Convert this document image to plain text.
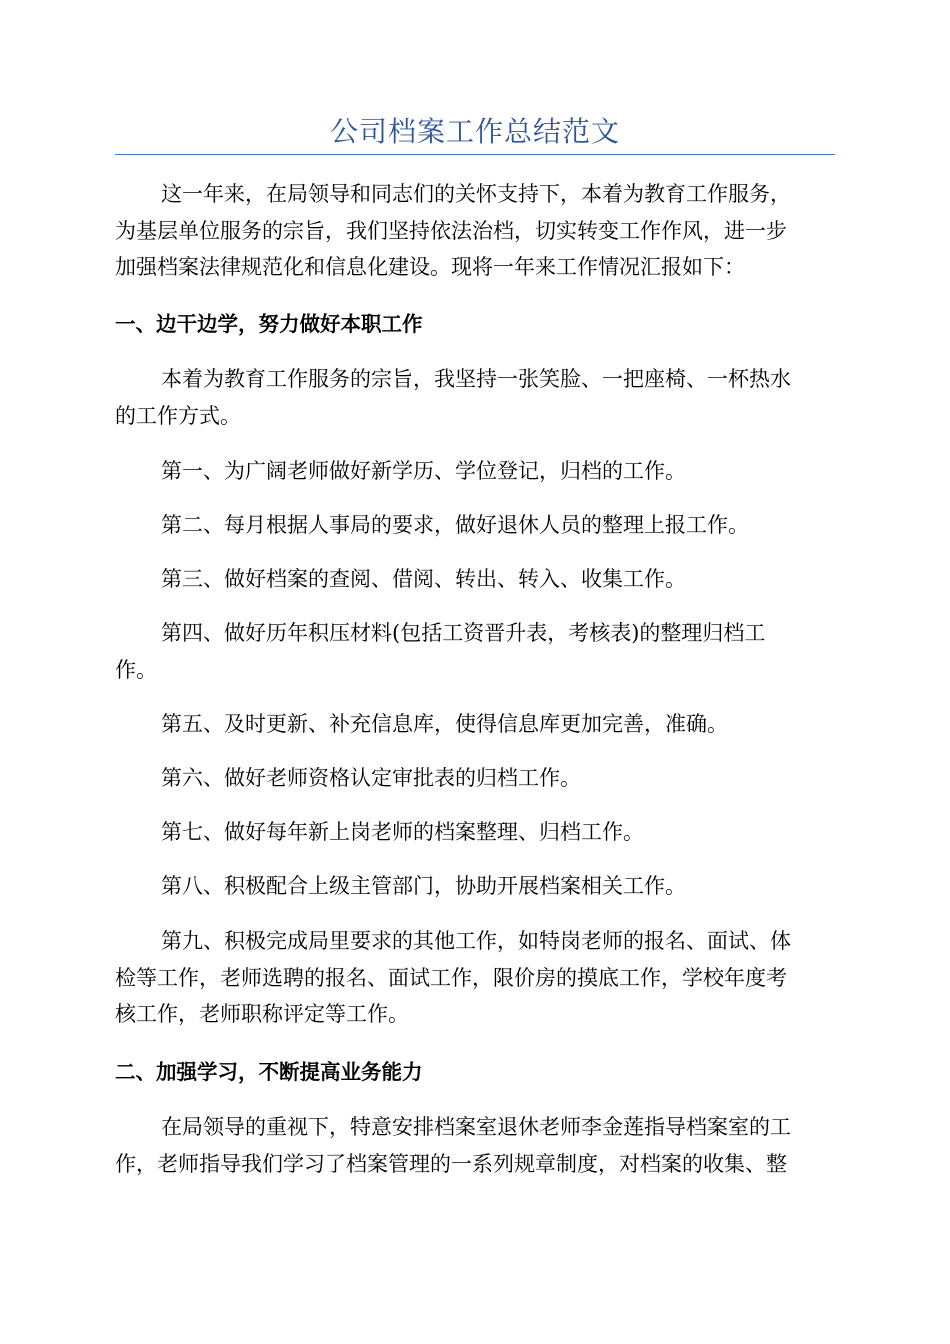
公司档案工作总结范文
这一年来，在局领导和同志们的关怀支持下，本着为教育工作服务，
为基层单位服务的宗旨，我们坚持依法治档，切实转变工作作风，进一步
加强档案法律规范化和信息化建设。现将一年来工作情况汇报如下：
一、边干边学，努力做好本职工作
本着为教育工作服务的宗旨，我坚持一张笑脸、一把座椅、一杯热水
的工作方式。
第一、为广阔老师做好新学历、学位登记，归档的工作。
第二、每月根据人事局的要求，做好退休人员的整理上报工作。
第三、做好档案的查阅、借阅、转出、转入、收集工作。
第四、做好历年积压材料(包括工资晋升表，考核表)的整理归档工
作。
第五、及时更新、补充信息库，使得信息库更加完善，准确。
第六、做好老师资格认定审批表的归档工作。
第七、做好每年新上岗老师的档案整理、归档工作。
第八、积极配合上级主管部门，协助开展档案相关工作。
第九、积极完成局里要求的其他工作，如特岗老师的报名、面试、体
检等工作，老师选聘的报名、面试工作，限价房的摸底工作，学校年度考
核工作，老师职称评定等工作。
二、加强学习，不断提高业务能力
在局领导的重视下，特意安排档案室退休老师李金莲指导档案室的工
作，老师指导我们学习了档案管理的一系列规章制度，对档案的收集、整
